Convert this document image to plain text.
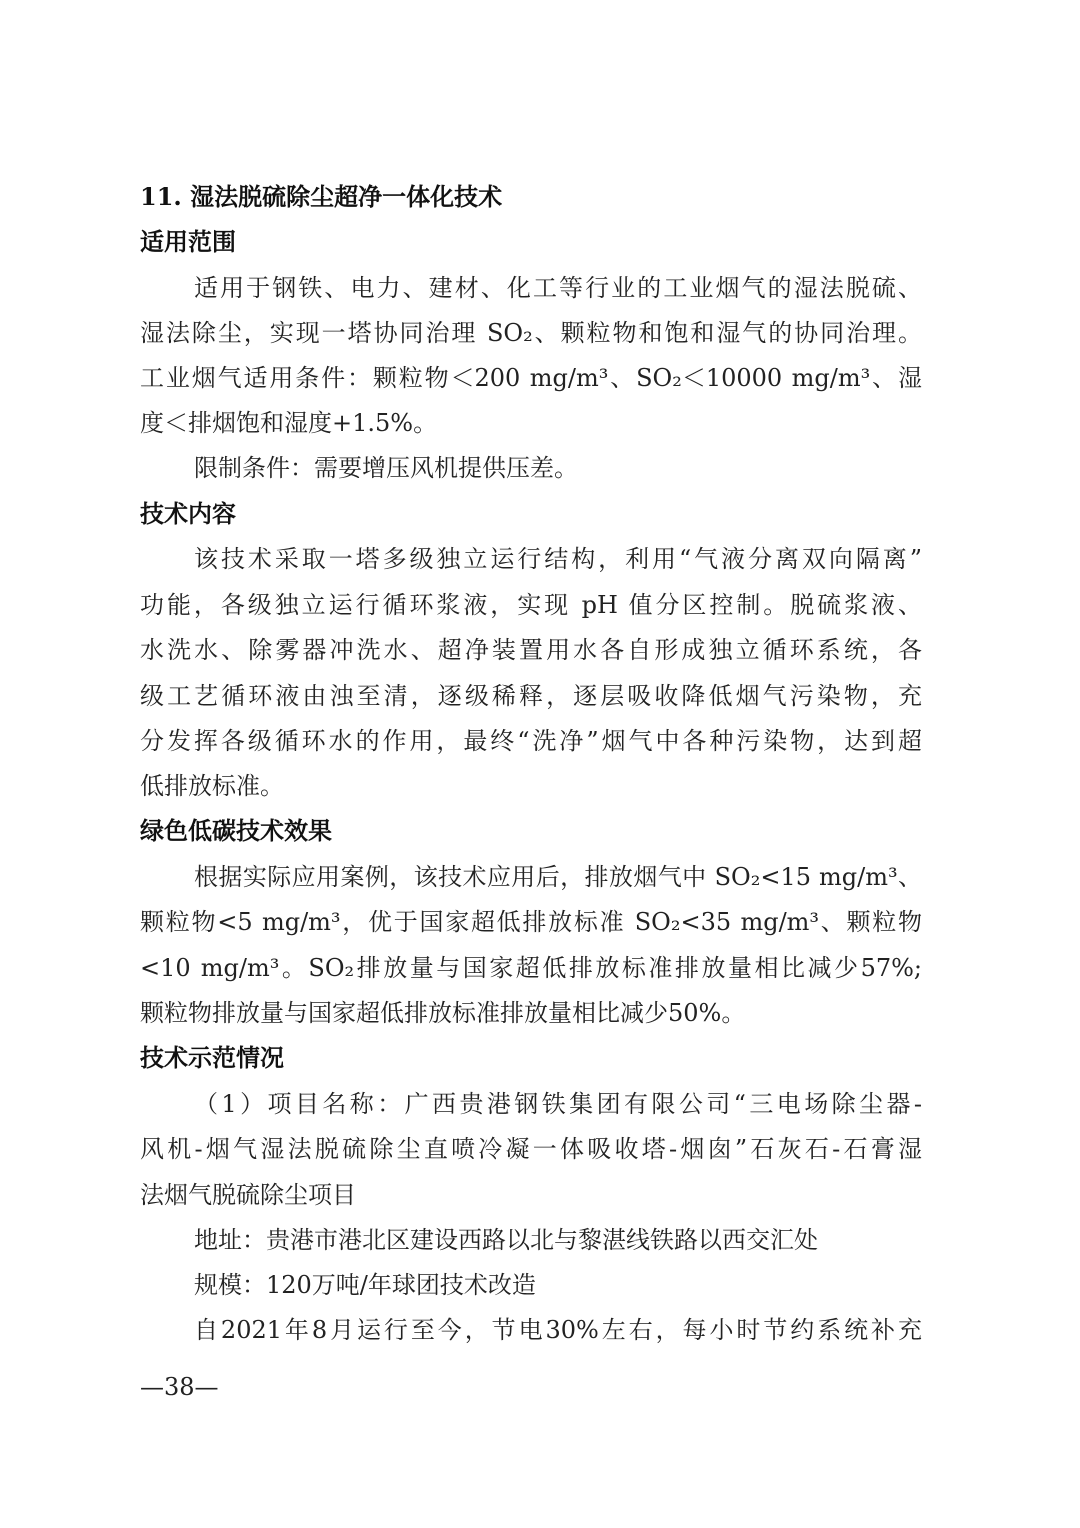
11. 湿法脱硫除尘超净一体化技术
适用范围
适用于钢铁、电力、建材、化工等行业的工业烟气的湿法脱硫、
湿法除尘，实现一塔协同治理 SO₂、颗粒物和饱和湿气的协同治理。
工业烟气适用条件：颗粒物＜200 mg/m³、SO₂＜10000 mg/m³、湿
度＜排烟饱和湿度+1.5%。
限制条件：需要增压风机提供压差。
技术内容
该技术采取一塔多级独立运行结构，利用“气液分离双向隔离”
功能，各级独立运行循环浆液，实现 pH 值分区控制。脱硫浆液、
水洗水、除雾器冲洗水、超净装置用水各自形成独立循环系统，各
级工艺循环液由浊至清，逐级稀释，逐层吸收降低烟气污染物，充
分发挥各级循环水的作用，最终“洗净”烟气中各种污染物，达到超
低排放标准。
绿色低碳技术效果
根据实际应用案例，该技术应用后，排放烟气中 SO₂<15 mg/m³、
颗粒物<5 mg/m³，优于国家超低排放标准 SO₂<35 mg/m³、颗粒物
<10 mg/m³。SO₂排放量与国家超低排放标准排放量相比减少57%;
颗粒物排放量与国家超低排放标准排放量相比减少50%。
技术示范情况
（1）项目名称：广西贵港钢铁集团有限公司“三电场除尘器-
风机-烟气湿法脱硫除尘直喷冷凝一体吸收塔-烟囱”石灰石-石膏湿
法烟气脱硫除尘项目
地址：贵港市港北区建设西路以北与黎湛线铁路以西交汇处
规模：120万吨/年球团技术改造
自2021年8月运行至今，节电30%左右，每小时节约系统补充
—38—
